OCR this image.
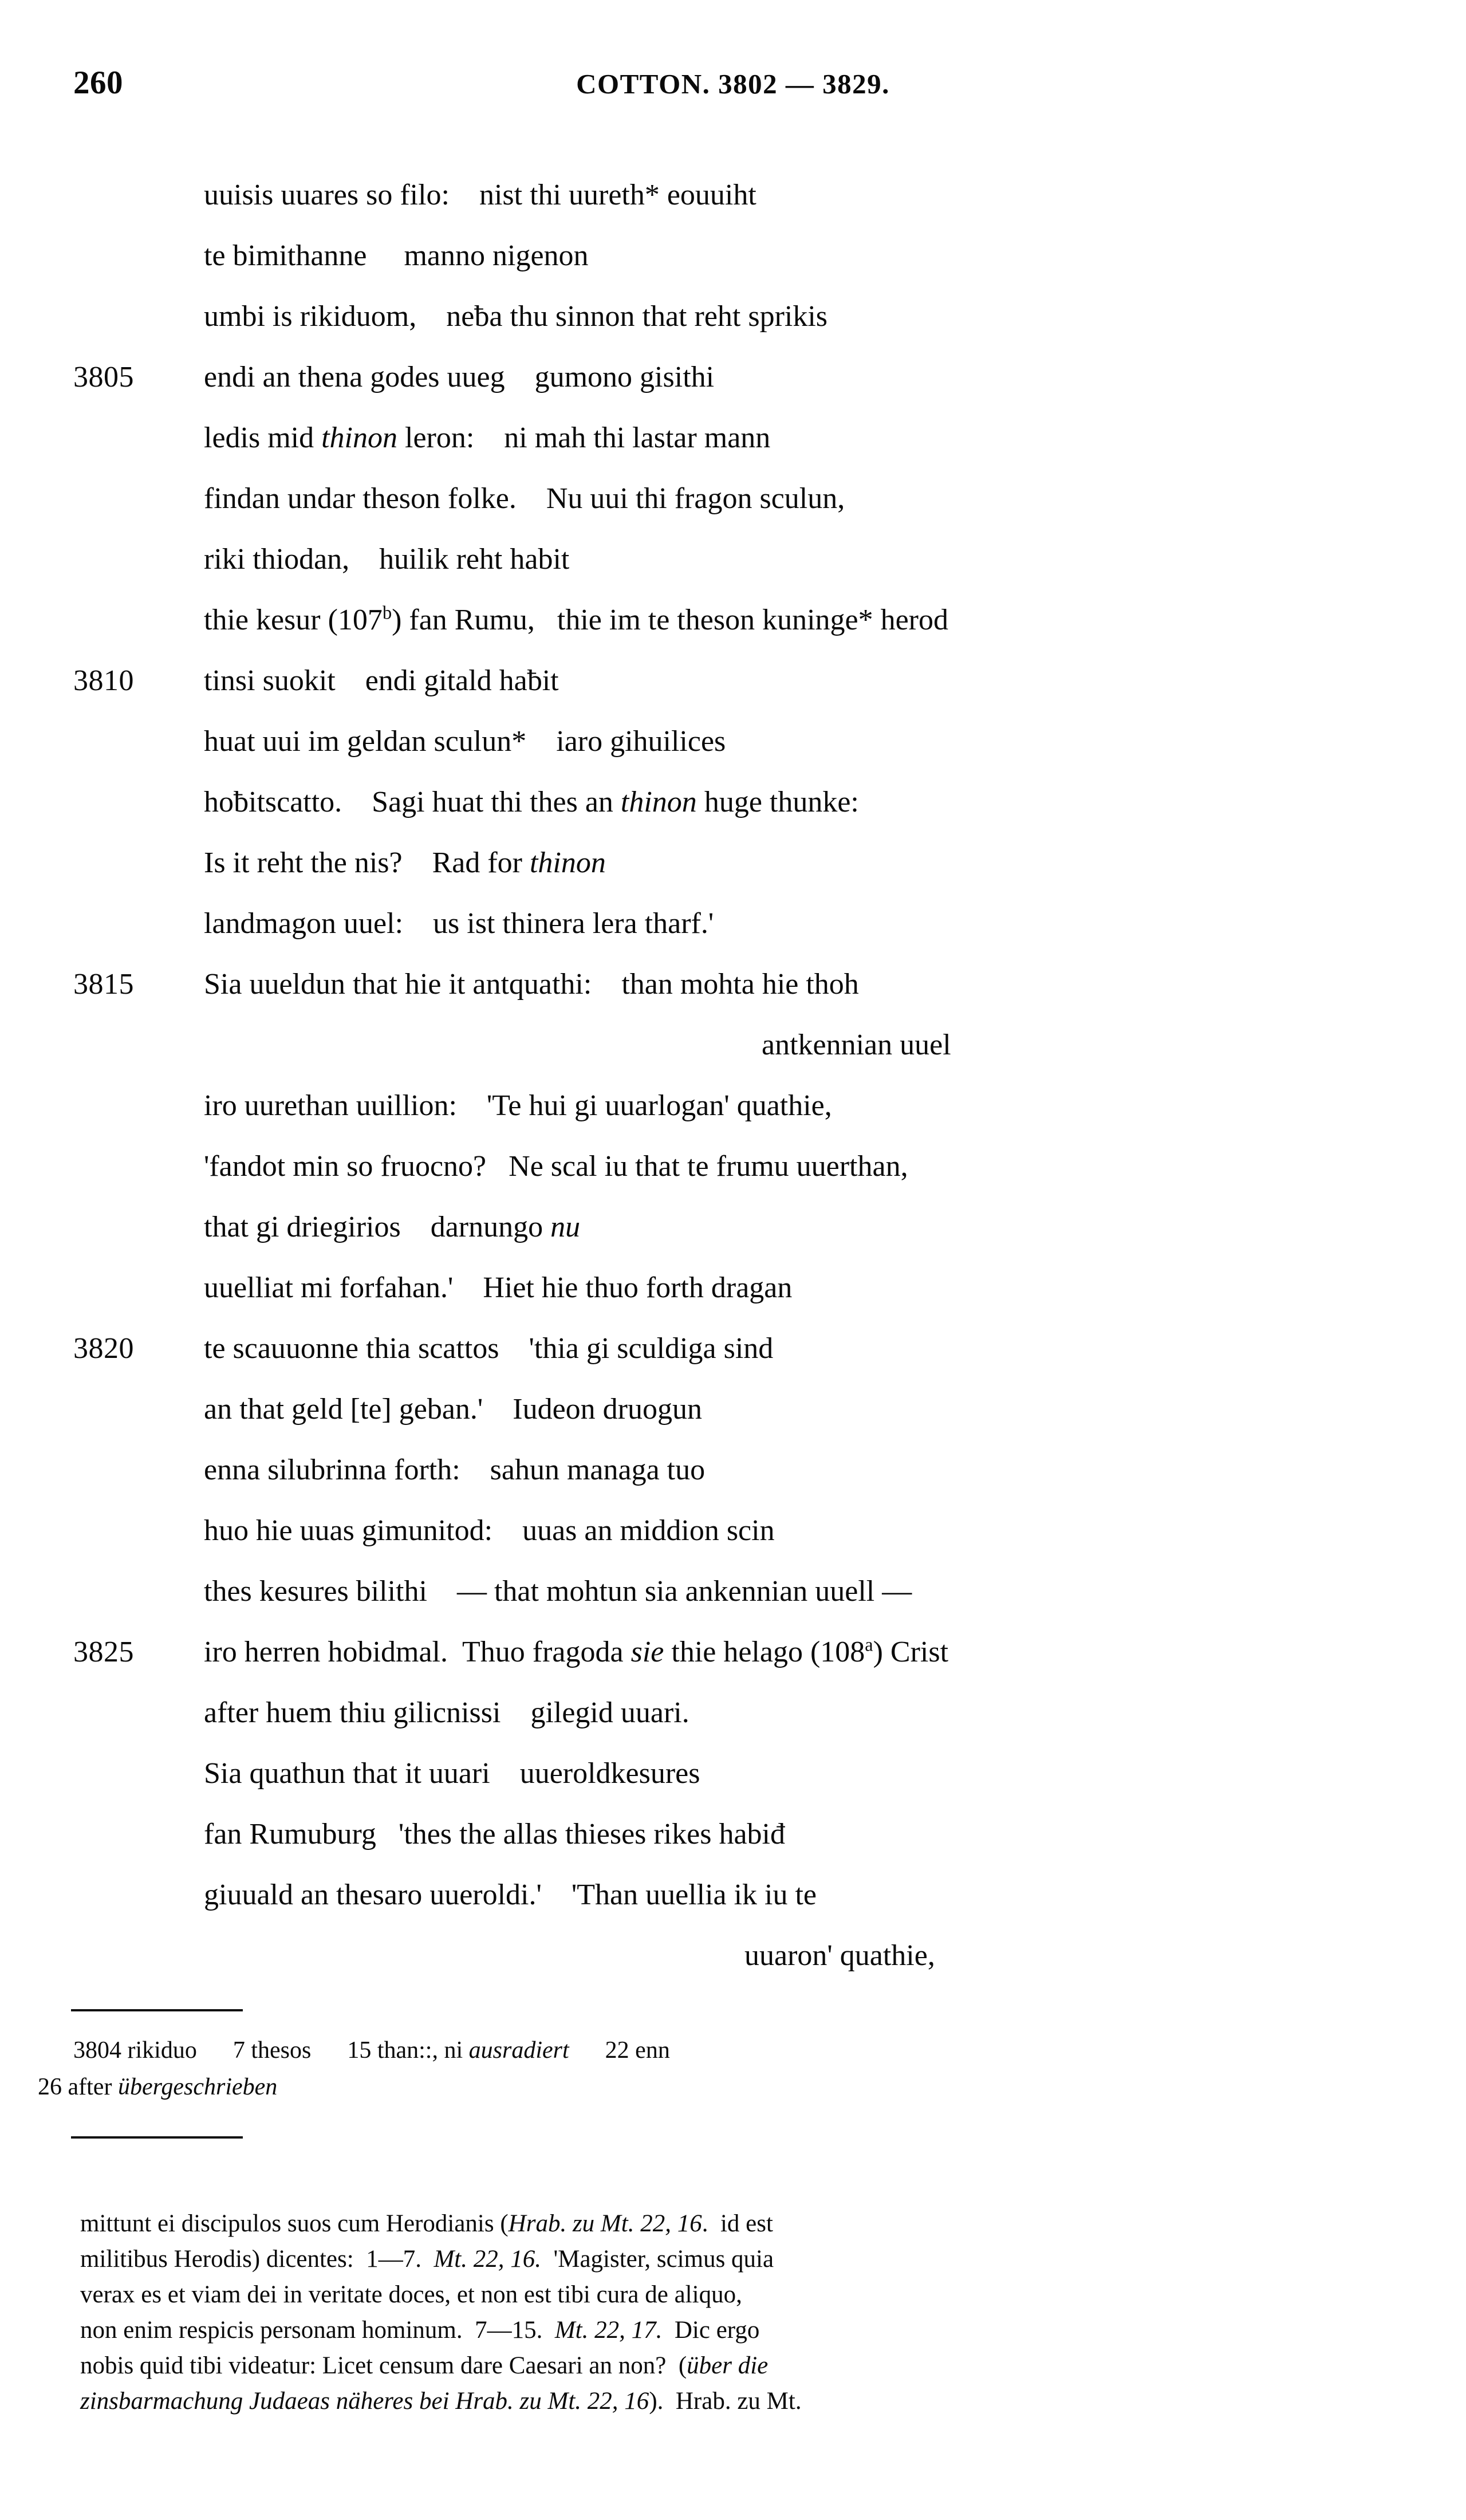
260	COTTON. 3802 — 3829.
uuisis uuares so filo:    nist thi uureth* eouuiht
te bimithanne     manno nigenon
umbi is rikiduom,    neƀa thu sinnon that reht sprikis
3805	endi an thena godes uueg    gumono gisithi
ledis mid thinon leron:    ni mah thi lastar mann
findan undar theson folke.    Nu uui thi fragon sculun,
riki thiodan,    huilik reht habit
thie kesur (107$^b$) fan Rumu,   thie im te theson kuninge* herod
3810	tinsi suokit    endi gitald haƀit
huat uui im geldan sculun*    iaro gihuilices
hoƀitscatto.    Sagi huat thi thes an thinon huge thunke:
Is it reht the nis?    Rad for thinon
landmagon uuel:    us ist thinera lera tharf.'
3815	Sia uueldun that hie it antquathi:    than mohta hie thoh
antkennian uuel
iro uurethan uuillion:    'Te hui gi uuarlogan' quathie,
'fandot min so fruocno?   Ne scal iu that te frumu uuerthan,
that gi driegirios    darnungo nu
uuelliat mi forfahan.'    Hiet hie thuo forth dragan
3820	te scauuonne thia scattos    'thia gi sculdiga sind
an that geld [te] geban.'    Iudeon druogun
enna silubrinna forth:    sahun managa tuo
huo hie uuas gimunitod:    uuas an middion scin
thes kesures bilithi    — that mohtun sia ankennian uuell —
3825	iro herren hobidmal.  Thuo fragoda sie thie helago (108$^a$) Crist
after huem thiu gilicnissi    gilegid uuari.
Sia quathun that it uuari    uueroldkesures
fan Rumuburg   'thes the allas thieses rikes habiđ
giuuald an thesaro uueroldi.'    'Than uuellia ik iu te
uuaron' quathie,
3804 rikiduo      7 thesos      15 than::, ni ausradiert      22 enn
26 after übergeschrieben
mittunt ei discipulos suos cum Herodianis (Hrab. zu Mt. 22, 16.  id est
militibus Herodis) dicentes:  1—7.  Mt. 22, 16.  'Magister, scimus quia
verax es et viam dei in veritate doces, et non est tibi cura de aliquo,
non enim respicis personam hominum.  7—15.  Mt. 22, 17.  Dic ergo
nobis quid tibi videatur: Licet censum dare Caesari an non?  (über die
zinsbarmachung Judaeas näheres bei Hrab. zu Mt. 22, 16).  Hrab. zu Mt.
